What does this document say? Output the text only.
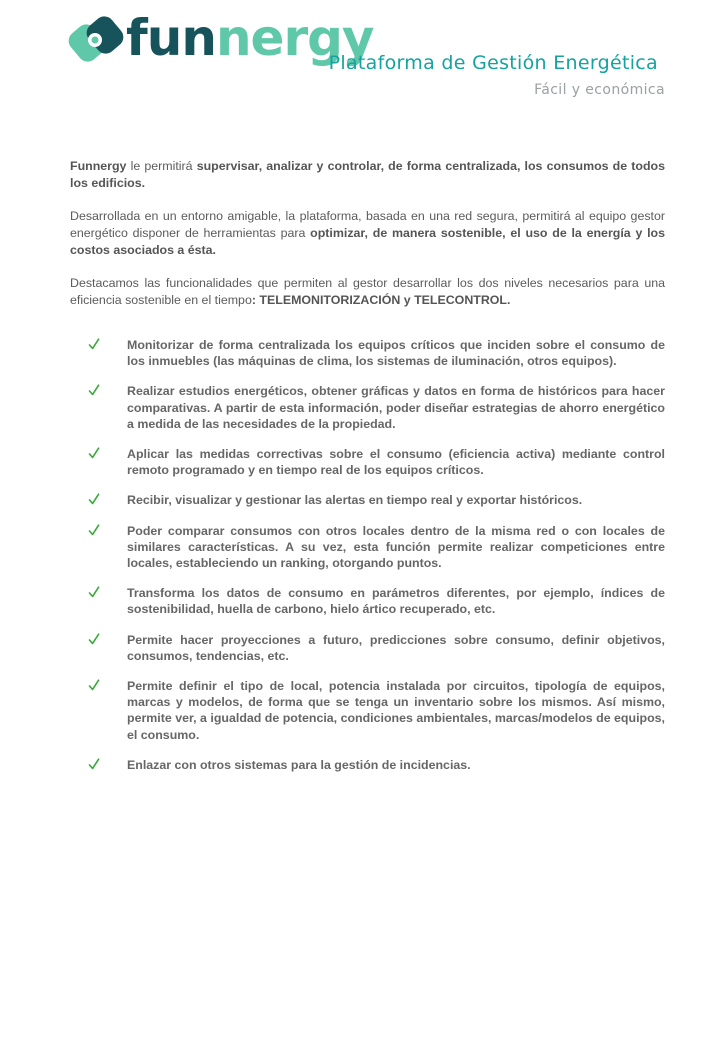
funnergy
Plataforma de Gestión Energética
Fácil y económica

Funnergy le permitirá supervisar, analizar y controlar, de forma centralizada, los consumos de todos los edificios.

Desarrollada en un entorno amigable, la plataforma, basada en una red segura, permitirá al equipo gestor energético disponer de herramientas para optimizar, de manera sostenible, el uso de la energía y los costos asociados a ésta.

Destacamos las funcionalidades que permiten al gestor desarrollar los dos niveles necesarios para una eficiencia sostenible en el tiempo: TELEMONITORIZACIÓN y TELECONTROL.

Monitorizar de forma centralizada los equipos críticos que inciden sobre el consumo de los inmuebles (las máquinas de clima, los sistemas de iluminación, otros equipos).
Realizar estudios energéticos, obtener gráficas y datos en forma de históricos para hacer comparativas. A partir de esta información, poder diseñar estrategias de ahorro energético a medida de las necesidades de la propiedad.
Aplicar las medidas correctivas sobre el consumo (eficiencia activa) mediante control remoto programado y en tiempo real de los equipos críticos.
Recibir, visualizar y gestionar las alertas en tiempo real y exportar históricos.
Poder comparar consumos con otros locales dentro de la misma red o con locales de similares características. A su vez, esta función permite realizar competiciones entre locales, estableciendo un ranking, otorgando puntos.
Transforma los datos de consumo en parámetros diferentes, por ejemplo, índices de sostenibilidad, huella de carbono, hielo ártico recuperado, etc.
Permite hacer proyecciones a futuro, predicciones sobre consumo, definir objetivos, consumos, tendencias, etc.
Permite definir el tipo de local, potencia instalada por circuitos, tipología de equipos, marcas y modelos, de forma que se tenga un inventario sobre los mismos. Así mismo, permite ver, a igualdad de potencia, condiciones ambientales, marcas/modelos de equipos, el consumo.
Enlazar con otros sistemas para la gestión de incidencias.
